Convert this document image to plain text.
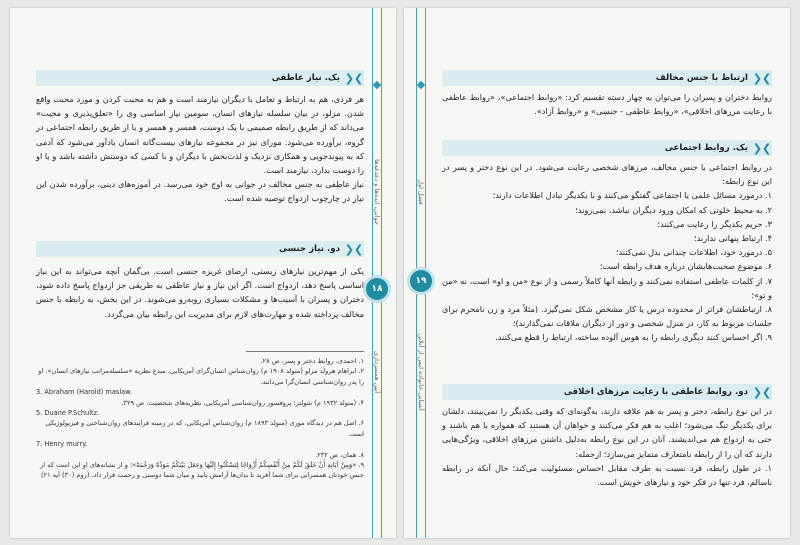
❯❮
یک. نیاز عاطفی

هر فردی، هم به ارتباط و تعامل با دیگران نیازمند است و هم به محبت کردن و مورد محبت واقع شدن. مزلو، در بیان سلسله نیازهای انسان، سومین نیاز اساسی وی را «تعلق‌پذیری و محبت» می‌داند که از طریق رابطه صمیمی با یک دوست، همسر و همسر و یا از طریق رابطه اجتماعی در گروه، برآورده می‌شود. مورای نیز در مجموعه نیازهای بیست‌گانه انسان یادآور می‌شود که آدمی که به پیوندجویی و همکاری نزدیک و لذت‌بخش با دیگران و با کسی که دوستش داشته باشد و یا او را دوست بدارد، نیازمند است.

نیاز عاطفی به جنس مخالف در جوانی به اوج خود می‌رسد. در آموزه‌های دینی، برآورده شدن این نیاز در چارچوب ازدواج توصیه شده است.

❯❮
دو. نیاز جنسی

یکی از مهم‌ترین نیازهای زیستی، ارضای غریزه جنسی است. بی‌گمان آنچه می‌تواند به این نیاز اساسی پاسخ دهد، ازدواج است. اگر این نیاز و نیاز عاطفی به طریقی جز ازدواج پاسخ داده شود، دختران و پسران با آسیب‌ها و مشکلات بسیاری روبه‌رو می‌شوند. در این بخش، به رابطه با جنس مخالف پرداخته شده و مهارت‌های لازم برای مدیریت این رابطه بیان می‌گردد.

۱. احمدی، روابط دختر و پسر، ص ۲۸.
۲. ابراهام هرولد مزلو (متولد ۱۹۰۸ م) روان‌شناس انسان‌گرای آمریکایی، مبدع نظریه «سلسله‌مراتب نیازهای انسان». او را پدر روان‌شناسی انسان‌گرا می‌دانند.
3. Abraham (Harold) maslaw.
۴. (متولد ۱۹۳۲ م) شولتز؛ پروفسور روان‌شناسی آمریکایی، نظریه‌های شخصیت، ص ۳۲۹.
5. Duane P.Schultz.
۶. اصل هم در دیدگاه موری (متولد ۱۸۹۳ م) روان‌شناس آمریکایی، که در زمینه فرایندهای روان‌شناختی و فیزیولوژیکی است.
7. Henry murry.
۸. همان، ص ۲۳۲.
۹. «وَمِنْ آيَاتِهِ أَنْ خَلَقَ لَكُمْ مِنْ أَنْفُسِكُمْ أَزْوَاجًا لِتَسْكُنُوا إِلَيْهَا وَجَعَلَ بَيْنَكُمْ مَوَدَّةً وَرَحْمَةً»؛ و از نشانه‌های او این است که از جنس خودتان همسرانی برای شما آفرید تا بدان‌ها آرامش یابید و میان شما دوستی و رحمت قرار داد. (روم (۳۰) آیه ۲۱)
جوانی، ایده‌ها و دغدغه‌ها
آیین همسرداری
۱۸
فصل اول
آشنایی خانواده ایمن از آنلاین
۱۹
❯❮
ارتباط با جنس مخالف

روابط دختران و پسران را می‌توان به چهار دسته تقسیم کرد: «روابط اجتماعی»، «روابط عاطفی با رعایت مرزهای اخلاقی»، «روابط عاطفی - جنسی» و «روابط آزاد».

❯❮
یک. روابط اجتماعی

در روابط اجتماعی با جنس مخالف، مرزهای شخصی رعایت می‌شود. در این نوع دختر و پسر در این نوع رابطه:

۱. درمورد مسائل علمی یا اجتماعی گفتگو می‌کنند و با یکدیگر تبادل اطلاعات دارند؛

۲. به محیط خلوتی که امکان ورود دیگران نباشد، نمی‌روند؛

۳. حریم یکدیگر را رعایت می‌کنند؛

۴. ارتباط پنهانی ندارند؛

۵. درمورد خود، اطلاعات چندانی بدل نمی‌کنند؛

۶. موضوع صحبت‌هایشان درباره هدف رابطه است؛

۷. از کلمات عاطفی استفاده نمی‌کنند و رابطه آنها کاملاً رسمی و از نوع «من و او» است، نه «من و تو»؛

۸. ارتباطشان فراتر از محدوده درس یا کار مشخص شکل نمی‌گیرد. (مثلاً مرد و زن نامحرم برای جلسات مربوط به کار، در منزل شخصی و دور از دیگران ملاقات نمی‌گذارند)؛

۹. اگر احساس کنند دیگری رابطه را به هوس آلوده ساخته، ارتباط را قطع می‌کنند.

❯❮
دو. روابط عاطفی با رعایت مرزهای اخلاقی

در این نوع رابطه، دختر و پسر به هم علاقه دارند، به‌گونه‌ای که وقتی یکدیگر را نمی‌بینند، دلشان برای یکدیگر تنگ می‌شود؛ اغلب به هم فکر می‌کنند و خواهان آن هستند که همواره با هم باشند و حتی به ازدواج هم می‌اندیشند. آنان در این نوع رابطه به‌دلیل داشتن مرزهای اخلاقی، ویژگی‌هایی دارند که آن را از رابطه نامتعارف متمایز می‌سازد؛ ازجمله:

۱. در طول رابطه، فرد نسبت به طرف مقابل احساس مسئولیت می‌کند؛ حال آنکه در رابطه ناسالم، فرد تنها در فکر خود و نیازهای خویش است.
